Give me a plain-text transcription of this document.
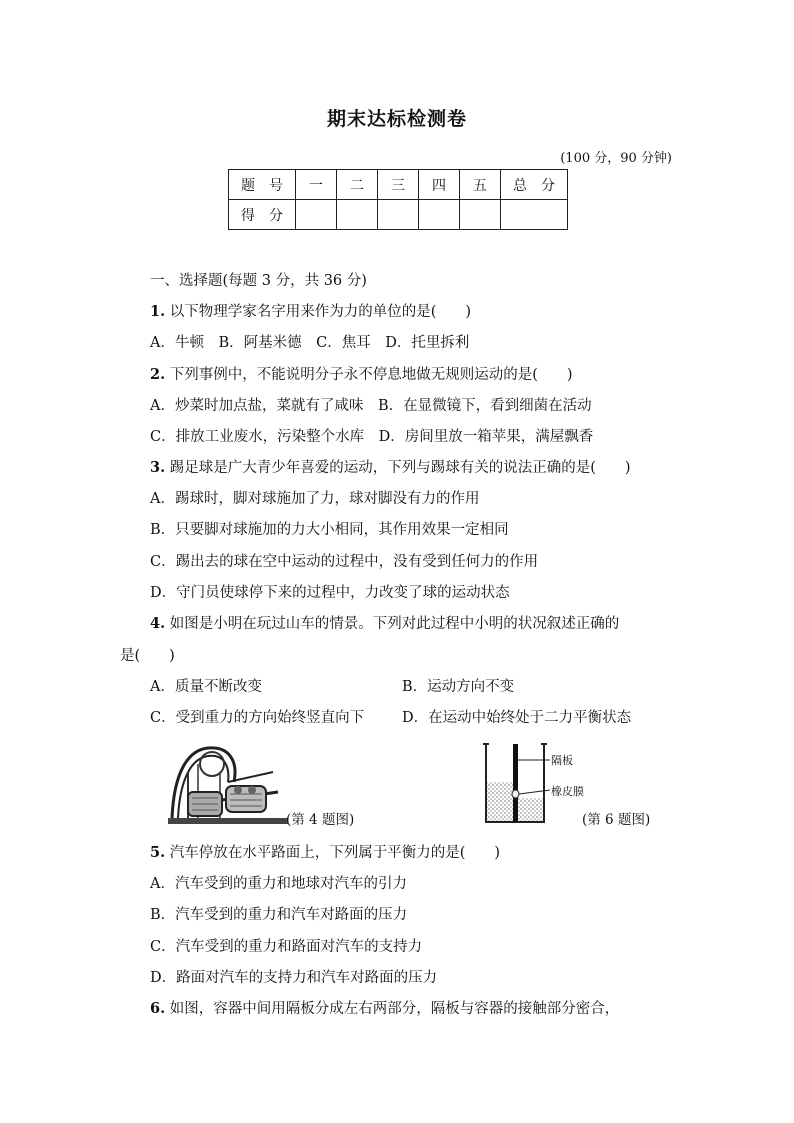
期末达标检测卷
(100 分，90 分钟)
题　号	一	二	三	四	五	总　分
得　分						
一、选择题(每题 3 分，共 36 分)
1. 以下物理学家名字用来作为力的单位的是(　　)
A．牛顿　B．阿基米德　C．焦耳　D．托里拆利
2. 下列事例中，不能说明分子永不停息地做无规则运动的是(　　)
A．炒菜时加点盐，菜就有了咸味　B．在显微镜下，看到细菌在活动
C．排放工业废水，污染整个水库　D．房间里放一箱苹果，满屋飘香
3. 踢足球是广大青少年喜爱的运动，下列与踢球有关的说法正确的是(　　)
A．踢球时，脚对球施加了力，球对脚没有力的作用
B．只要脚对球施加的力大小相同，其作用效果一定相同
C．踢出去的球在空中运动的过程中，没有受到任何力的作用
D．守门员使球停下来的过程中，力改变了球的运动状态
4. 如图是小明在玩过山车的情景。下列对此过程中小明的状况叙述正确的
是(　　)
A．质量不断改变	B．运动方向不变
C．受到重力的方向始终竖直向下	D．在运动中始终处于二力平衡状态
(第 4 题图)
隔板
橡皮膜
(第 6 题图)
5. 汽车停放在水平路面上，下列属于平衡力的是(　　)
A．汽车受到的重力和地球对汽车的引力
B．汽车受到的重力和汽车对路面的压力
C．汽车受到的重力和路面对汽车的支持力
D．路面对汽车的支持力和汽车对路面的压力
6. 如图，容器中间用隔板分成左右两部分，隔板与容器的接触部分密合，
